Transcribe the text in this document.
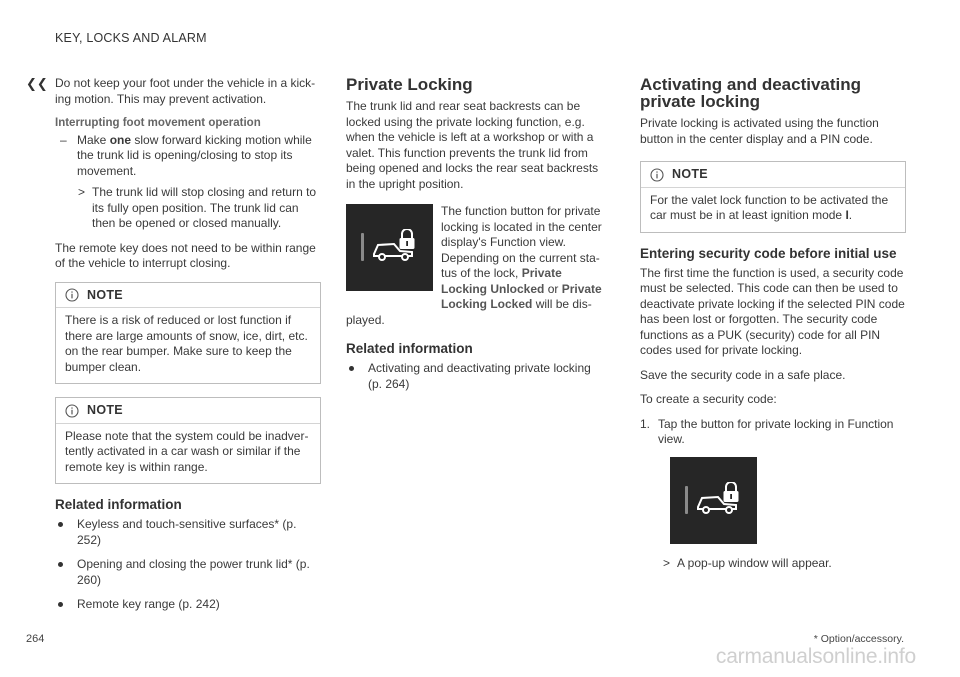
KEY, LOCKS AND ALARM
❮❮ Do not keep your foot under the vehicle in a kick-ing motion. This may prevent activation.

Interrupting foot movement operation
– Make one slow forward kicking motion while the trunk lid is opening/closing to stop its movement.
> The trunk lid will stop closing and return to its fully open position. The trunk lid can then be opened or closed manually.

The remote key does not need to be within range of the vehicle to interrupt closing.

NOTE
There is a risk of reduced or lost function if there are large amounts of snow, ice, dirt, etc. on the rear bumper. Make sure to keep the bumper clean.
NOTE
Please note that the system could be inadver-tently activated in a car wash or similar if the remote key is within range.
Related information
Keyless and touch-sensitive surfaces* (p. 252)
Opening and closing the power trunk lid* (p. 260)
Remote key range (p. 242)
Private Locking

The trunk lid and rear seat backrests can be locked using the private locking function, e.g. when the vehicle is left at a workshop or with a valet. This function prevents the trunk lid from being opened and locks the rear seat backrests in the upright position.

The function button for private locking is located in the center display's Function view. Depending on the current sta-tus of the lock, Private Locking Unlocked or Private Locking Locked will be dis-

played.

Related information
Activating and deactivating private locking (p. 264)
Activating and deactivating private locking

Private locking is activated using the function button in the center display and a PIN code.

NOTE
For the valet lock function to be activated the car must be in at least ignition mode I.
Entering security code before initial use

The first time the function is used, a security code must be selected. This code can then be used to deactivate private locking if the selected PIN code has been lost or forgotten. The security code functions as a PUK (security) code for all PIN codes used for private locking.

Save the security code in a safe place.

To create a security code:

1. Tap the button for private locking in Function view.
> A pop-up window will appear.
264	* Option/accessory.
carmanualsonline.info
